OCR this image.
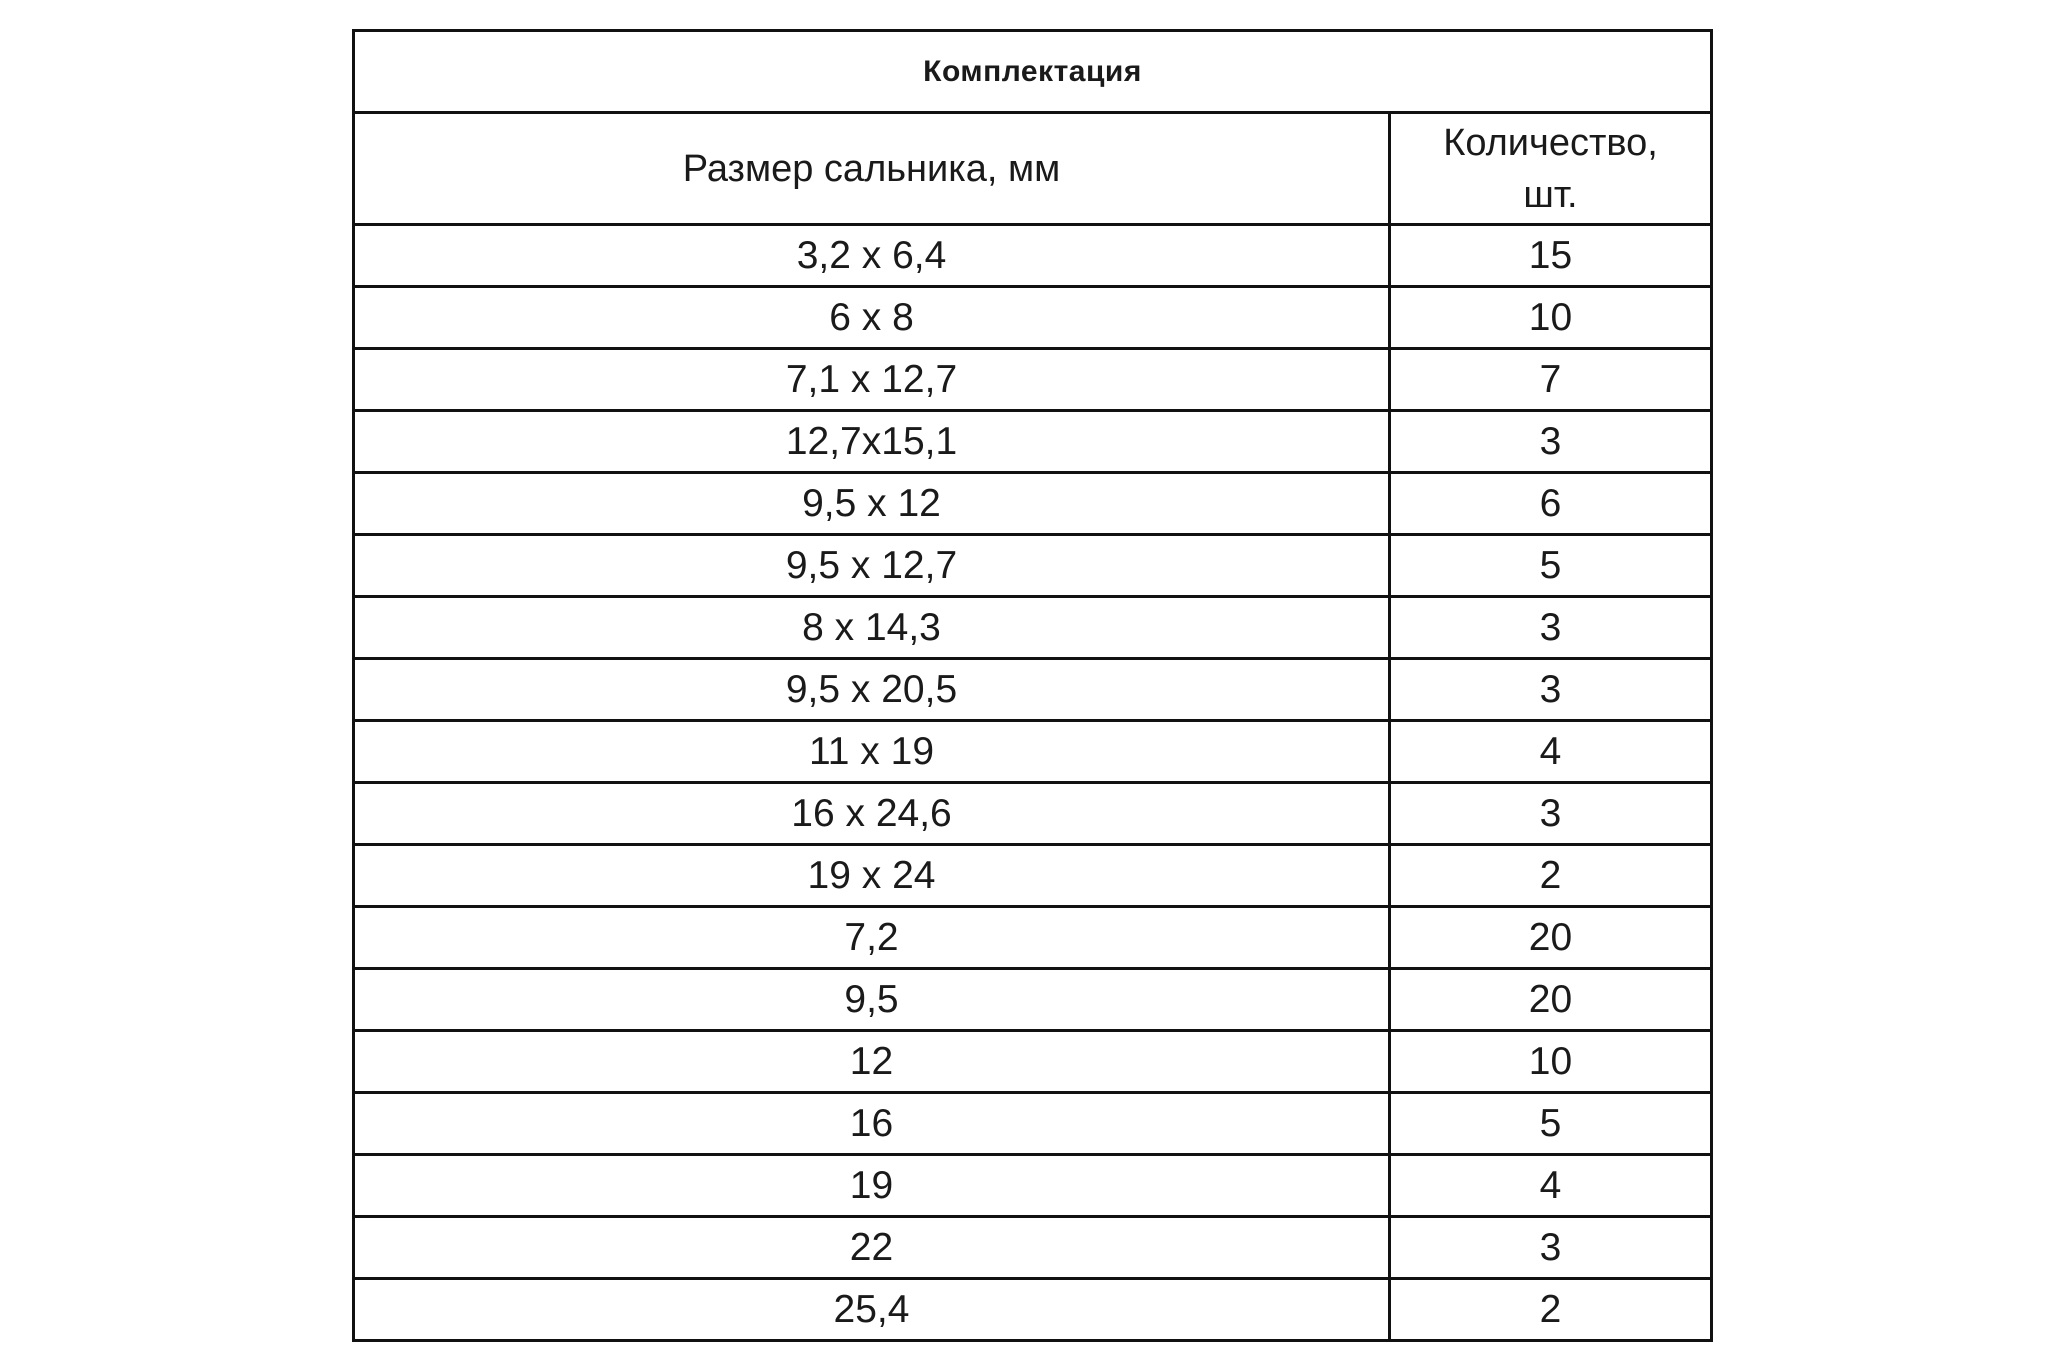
Комплектация	
Размер сальника, мм	Количество,
шт.

3,2 х 6,4	15
6 х 8	10
7,1 х 12,7	7
12,7х15,1	3
9,5 х 12	6
9,5 х 12,7	5
8 х 14,3	3
9,5 х 20,5	3
11 х 19	4
16 х 24,6	3
19 х 24	2
7,2	20
9,5	20
12	10
16	5
19	4
22	3
25,4	2
